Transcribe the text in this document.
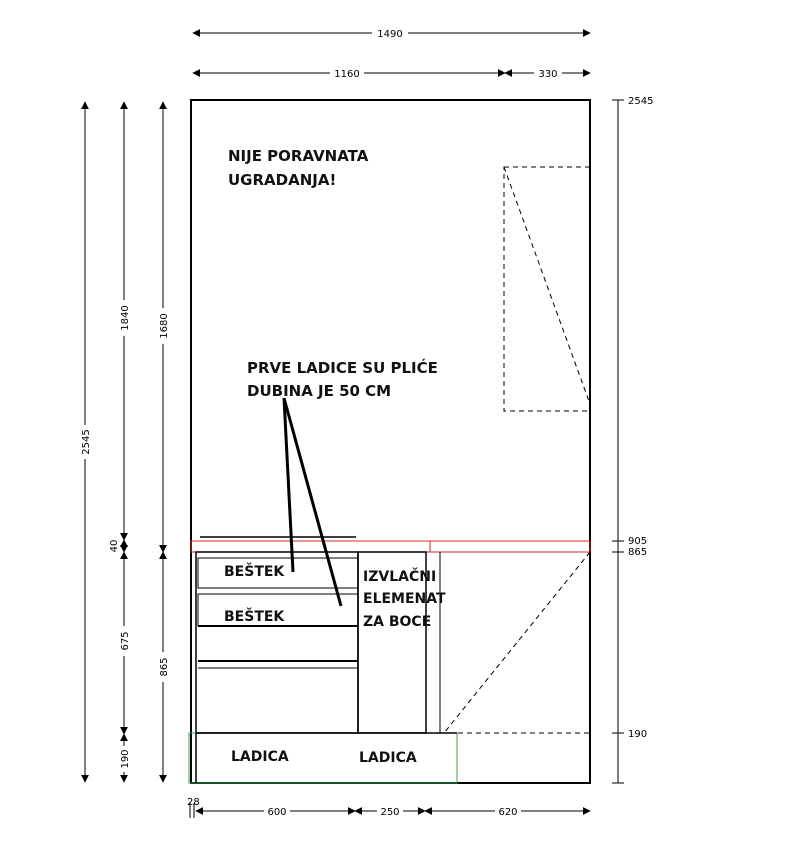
1490
1160	330
2545
1840
40
675
190
1680
865
2545
905
865
190
28
600	250	620
NIJE PORAVNATA
UGRADANJA!
PRVE LADICE SU PLIĆE
DUBINA JE 50 CM
BEŠTEK
BEŠTEK
IZVLAČNI
ELEMENAT
ZA BOCE
LADICA	LADICA
